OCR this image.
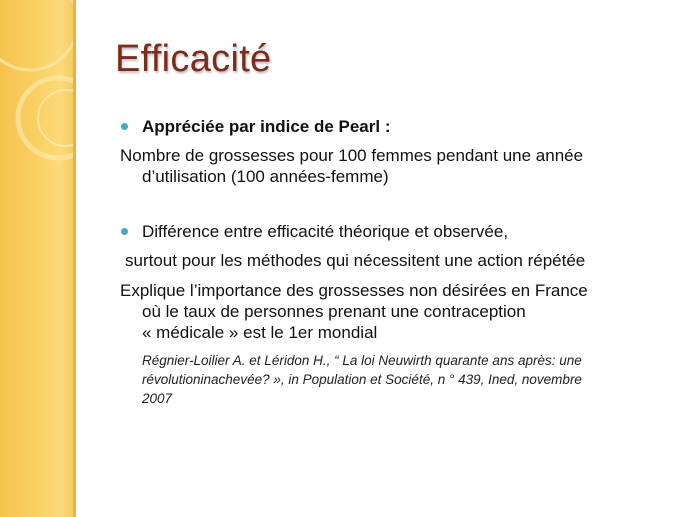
Efficacité
Appréciée par indice de Pearl :
Nombre de grossesses pour 100 femmes pendant une année
d’utilisation (100 années-femme)
Différence entre efficacité théorique et observée,
surtout pour les méthodes qui nécessitent une action répétée
Explique l’importance des grossesses non désirées en France
où le taux de personnes prenant une contraception
« médicale » est le 1er mondial
Régnier-Loilier A. et Léridon H., “ La loi Neuwirth quarante ans après: une
révolutioninachevée? », in Population et Société, n ° 439, Ined, novembre
2007
